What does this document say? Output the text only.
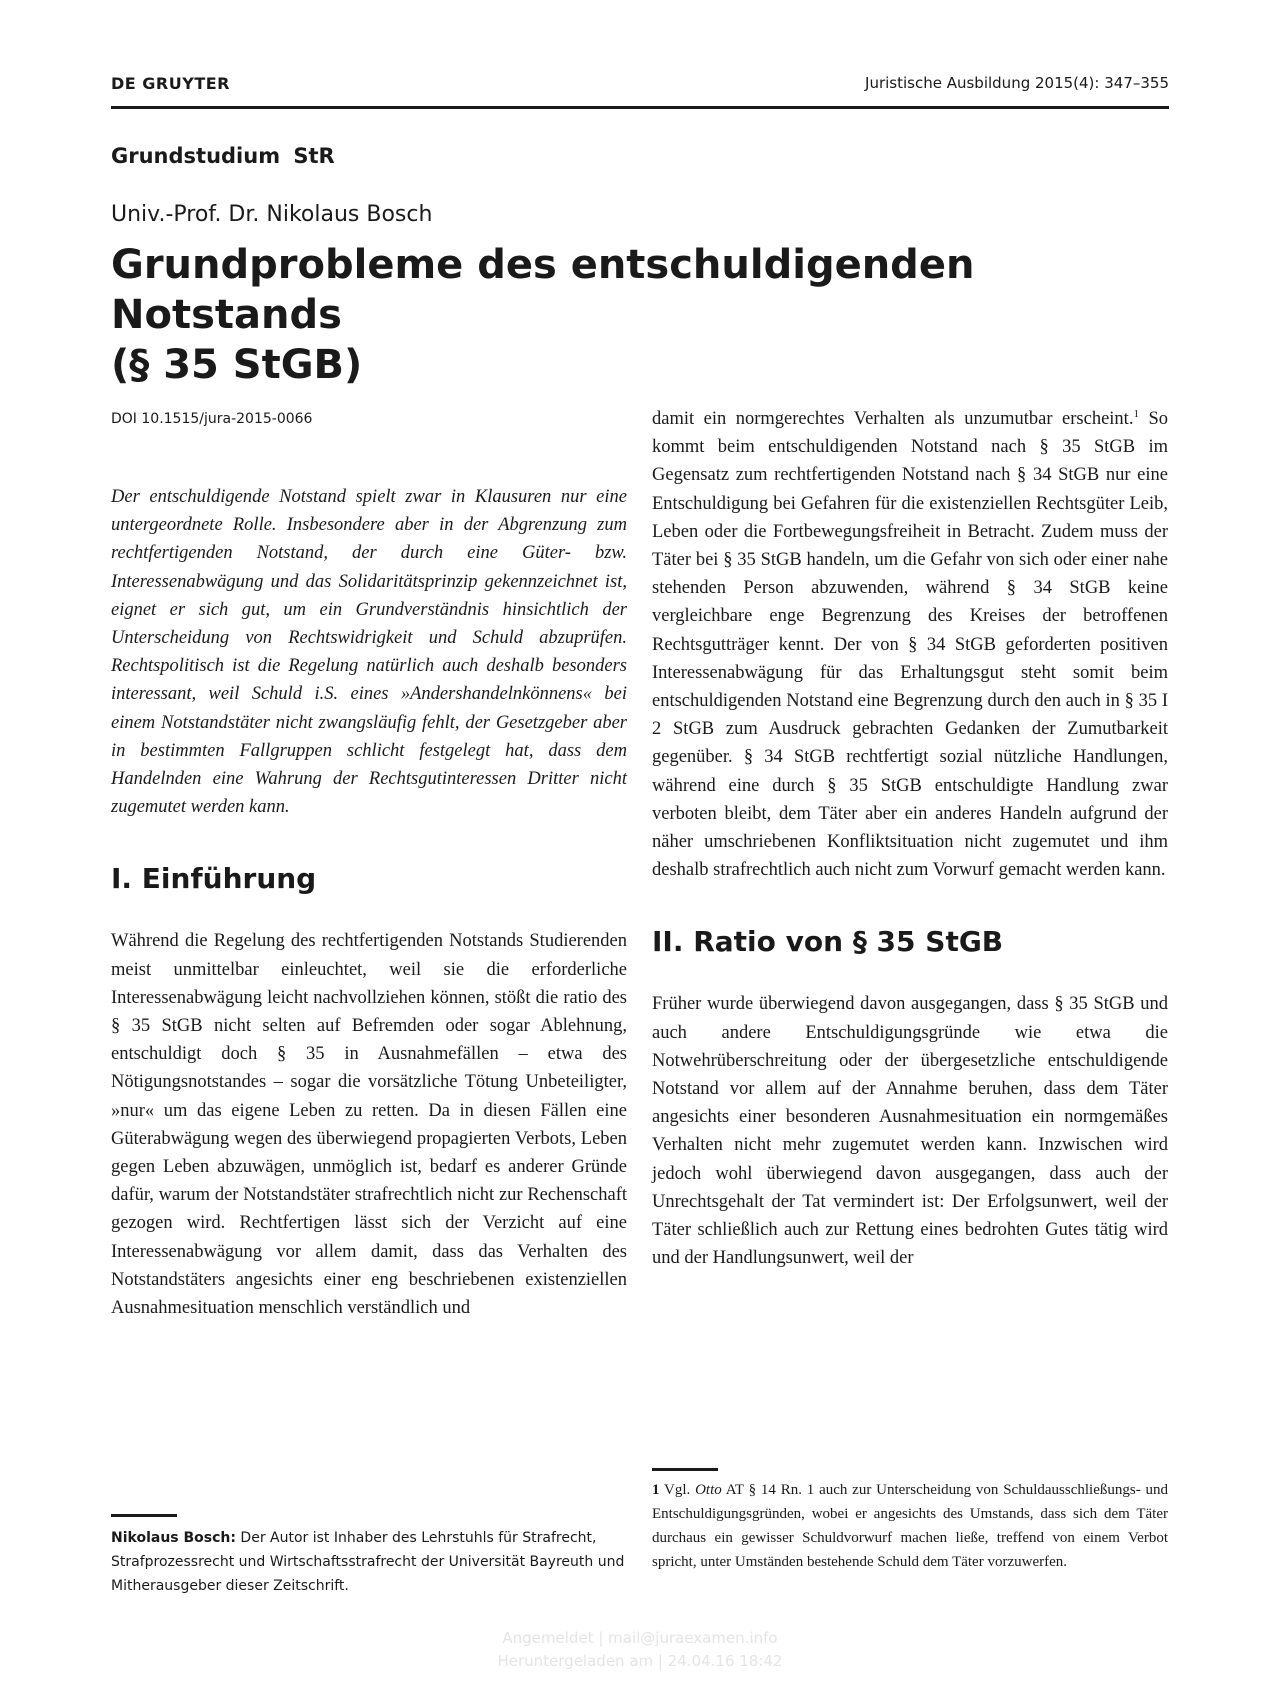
DE GRUYTER	Juristische Ausbildung 2015(4): 347–355
Grundstudium StR
Univ.-Prof. Dr. Nikolaus Bosch
Grundprobleme des entschuldigenden Notstands
(§ 35 StGB)
DOI 10.1515/jura-2015-0066

Der entschuldigende Notstand spielt zwar in Klausuren nur eine untergeordnete Rolle. Insbesondere aber in der Abgrenzung zum rechtfertigenden Notstand, der durch eine Güter- bzw. Interessenabwägung und das Solidaritätsprinzip gekennzeichnet ist, eignet er sich gut, um ein Grundverständnis hinsichtlich der Unterscheidung von Rechtswidrigkeit und Schuld abzuprüfen. Rechtspolitisch ist die Regelung natürlich auch deshalb besonders interessant, weil Schuld i.S. eines »Andershandelnkönnens« bei einem Notstandstäter nicht zwangsläufig fehlt, der Gesetzgeber aber in bestimmten Fallgruppen schlicht festgelegt hat, dass dem Handelnden eine Wahrung der Rechtsgutinteressen Dritter nicht zugemutet werden kann.

I. Einführung

Während die Regelung des rechtfertigenden Notstands Studierenden meist unmittelbar einleuchtet, weil sie die erforderliche Interessenabwägung leicht nachvollziehen können, stößt die ratio des § 35 StGB nicht selten auf Befremden oder sogar Ablehnung, entschuldigt doch § 35 in Ausnahmefällen – etwa des Nötigungsnotstandes – sogar die vorsätzliche Tötung Unbeteiligter, »nur« um das eigene Leben zu retten. Da in diesen Fällen eine Güterabwägung wegen des überwiegend propagierten Verbots, Leben gegen Leben abzuwägen, unmöglich ist, bedarf es anderer Gründe dafür, warum der Notstandstäter strafrechtlich nicht zur Rechenschaft gezogen wird. Rechtfertigen lässt sich der Verzicht auf eine Interessenabwägung vor allem damit, dass das Verhalten des Notstandstäters angesichts einer eng beschriebenen existenziellen Ausnahmesituation menschlich verständlich und

damit ein normgerechtes Verhalten als unzumutbar erscheint.$^1$ So kommt beim entschuldigenden Notstand nach § 35 StGB im Gegensatz zum rechtfertigenden Notstand nach § 34 StGB nur eine Entschuldigung bei Gefahren für die existenziellen Rechtsgüter Leib, Leben oder die Fortbewegungsfreiheit in Betracht. Zudem muss der Täter bei § 35 StGB handeln, um die Gefahr von sich oder einer nahe stehenden Person abzuwenden, während § 34 StGB keine vergleichbare enge Begrenzung des Kreises der betroffenen Rechtsgutträger kennt. Der von § 34 StGB geforderten positiven Interessenabwägung für das Erhaltungsgut steht somit beim entschuldigenden Notstand eine Begrenzung durch den auch in § 35 I 2 StGB zum Ausdruck gebrachten Gedanken der Zumutbarkeit gegenüber. § 34 StGB rechtfertigt sozial nützliche Handlungen, während eine durch § 35 StGB entschuldigte Handlung zwar verboten bleibt, dem Täter aber ein anderes Handeln aufgrund der näher umschriebenen Konfliktsituation nicht zugemutet und ihm deshalb strafrechtlich auch nicht zum Vorwurf gemacht werden kann.

II. Ratio von § 35 StGB

Früher wurde überwiegend davon ausgegangen, dass § 35 StGB und auch andere Entschuldigungsgründe wie etwa die Notwehrüberschreitung oder der übergesetzliche entschuldigende Notstand vor allem auf der Annahme beruhen, dass dem Täter angesichts einer besonderen Ausnahmesituation ein normgemäßes Verhalten nicht mehr zugemutet werden kann. Inzwischen wird jedoch wohl überwiegend davon ausgegangen, dass auch der Unrechtsgehalt der Tat vermindert ist: Der Erfolgsunwert, weil der Täter schließlich auch zur Rettung eines bedrohten Gutes tätig wird und der Handlungsunwert, weil der

Nikolaus Bosch: Der Autor ist Inhaber des Lehrstuhls für Strafrecht, Strafprozessrecht und Wirtschaftsstrafrecht der Universität Bayreuth und Mitherausgeber dieser Zeitschrift.
1 Vgl. Otto AT § 14 Rn. 1 auch zur Unterscheidung von Schuldausschließungs- und Entschuldigungsgründen, wobei er angesichts des Umstands, dass sich dem Täter durchaus ein gewisser Schuldvorwurf machen ließe, treffend von einem Verbot spricht, unter Umständen bestehende Schuld dem Täter vorzuwerfen.
Angemeldet | mail@juraexamen.info
Heruntergeladen am | 24.04.16 18:42
